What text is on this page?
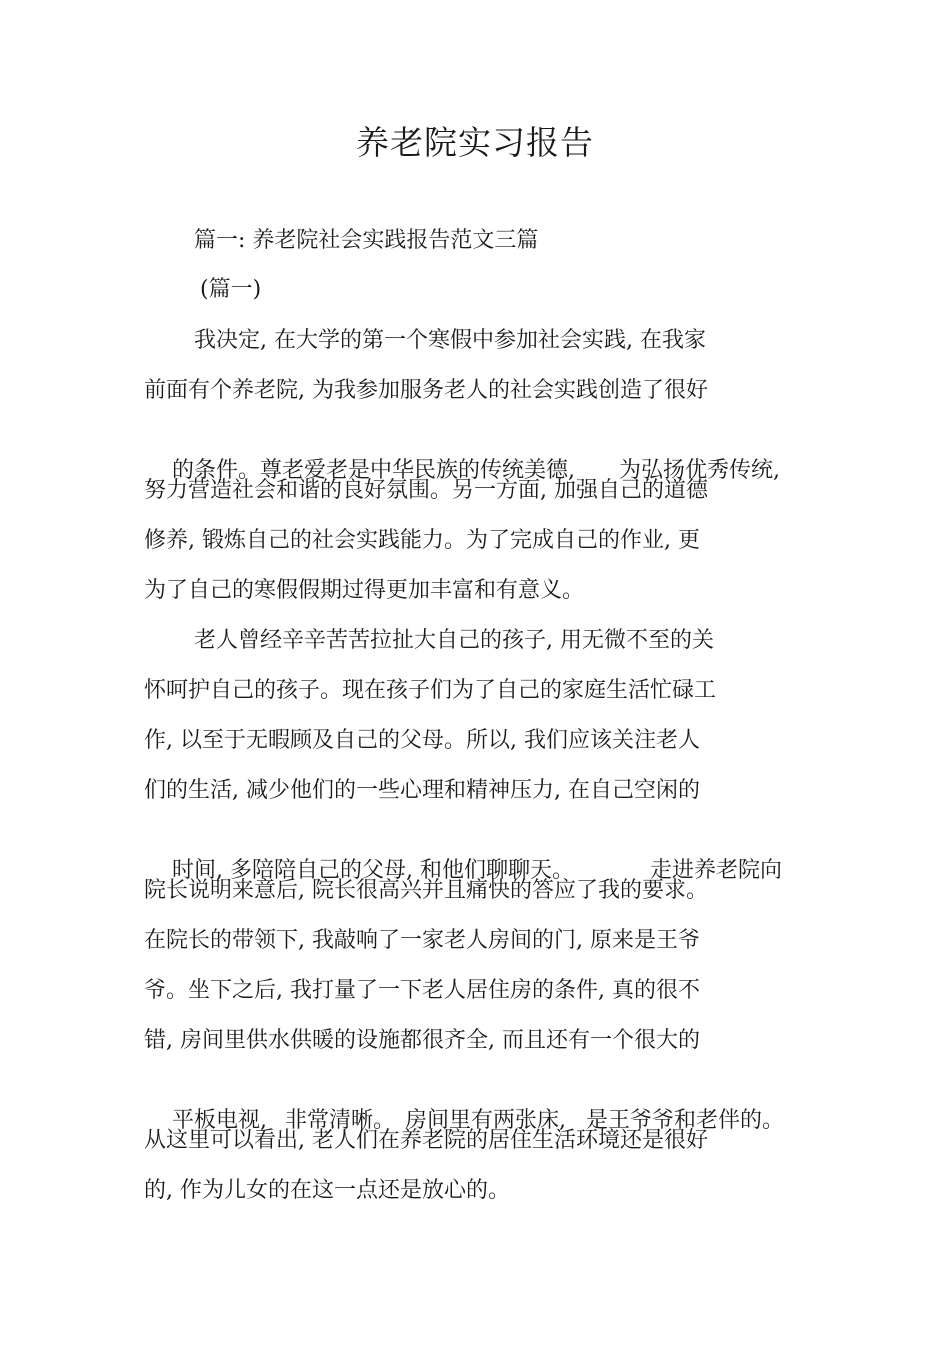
养老院实习报告
篇一: 养老院社会实践报告范文三篇
(篇一)
我决定, 在大学的第一个寒假中参加社会实践, 在我家
前面有个养老院, 为我参加服务老人的社会实践创造了很好

的条件。尊老爱老是中华民族的传统美德, 为弘扬优秀传统,

努力营造社会和谐的良好氛围。另一方面, 加强自己的道德
修养, 锻炼自己的社会实践能力。为了完成自己的作业, 更
为了自己的寒假假期过得更加丰富和有意义。
老人曾经辛辛苦苦拉扯大自己的孩子, 用无微不至的关
怀呵护自己的孩子。现在孩子们为了自己的家庭生活忙碌工
作, 以至于无暇顾及自己的父母。所以, 我们应该关注老人
们的生活, 减少他们的一些心理和精神压力, 在自己空闲的

时间, 多陪陪自己的父母, 和他们聊聊天。	走进养老院向

院长说明来意后, 院长很高兴并且痛快的答应了我的要求。
在院长的带领下, 我敲响了一家老人房间的门, 原来是王爷
爷。坐下之后, 我打量了一下老人居住房的条件, 真的很不
错, 房间里供水供暖的设施都很齐全, 而且还有一个很大的

平板电视, 非常清晰。 房间里有两张床, 是王爷爷和老伴的。

从这里可以看出, 老人们在养老院的居住生活环境还是很好
的, 作为儿女的在这一点还是放心的。
